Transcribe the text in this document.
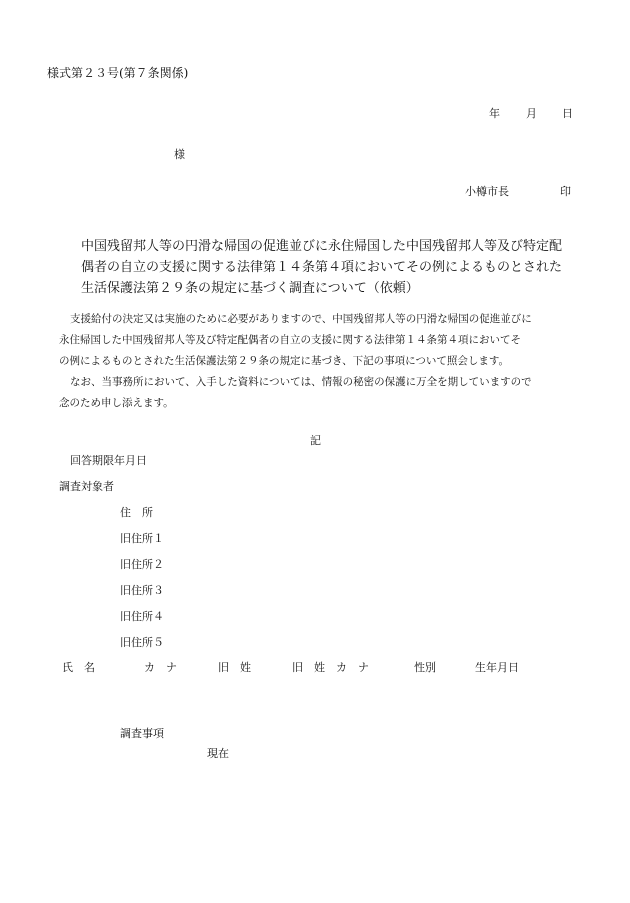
様式第２３号(第７条関係)
年 月 日
様
小樽市長	印
中国残留邦人等の円滑な帰国の促進並びに永住帰国した中国残留邦人等及び特定配
偶者の自立の支援に関する法律第１４条第４項においてその例によるものとされた
生活保護法第２９条の規定に基づく調査について（依頼）
支援給付の決定又は実施のために必要がありますので、中国残留邦人等の円滑な帰国の促進並びに
永住帰国した中国残留邦人等及び特定配偶者の自立の支援に関する法律第１４条第４項においてそ
の例によるものとされた生活保護法第２９条の規定に基づき、下記の事項について照会します。
なお、当事務所において、入手した資料については、情報の秘密の保護に万全を期していますので
念のため申し添えます。
記
回答期限年月日
調査対象者
住　所
旧住所１
旧住所２
旧住所３
旧住所４
旧住所５
氏　名	カ　ナ	旧　姓	旧　姓　カ　ナ	性別	生年月日
調査事項
現在
